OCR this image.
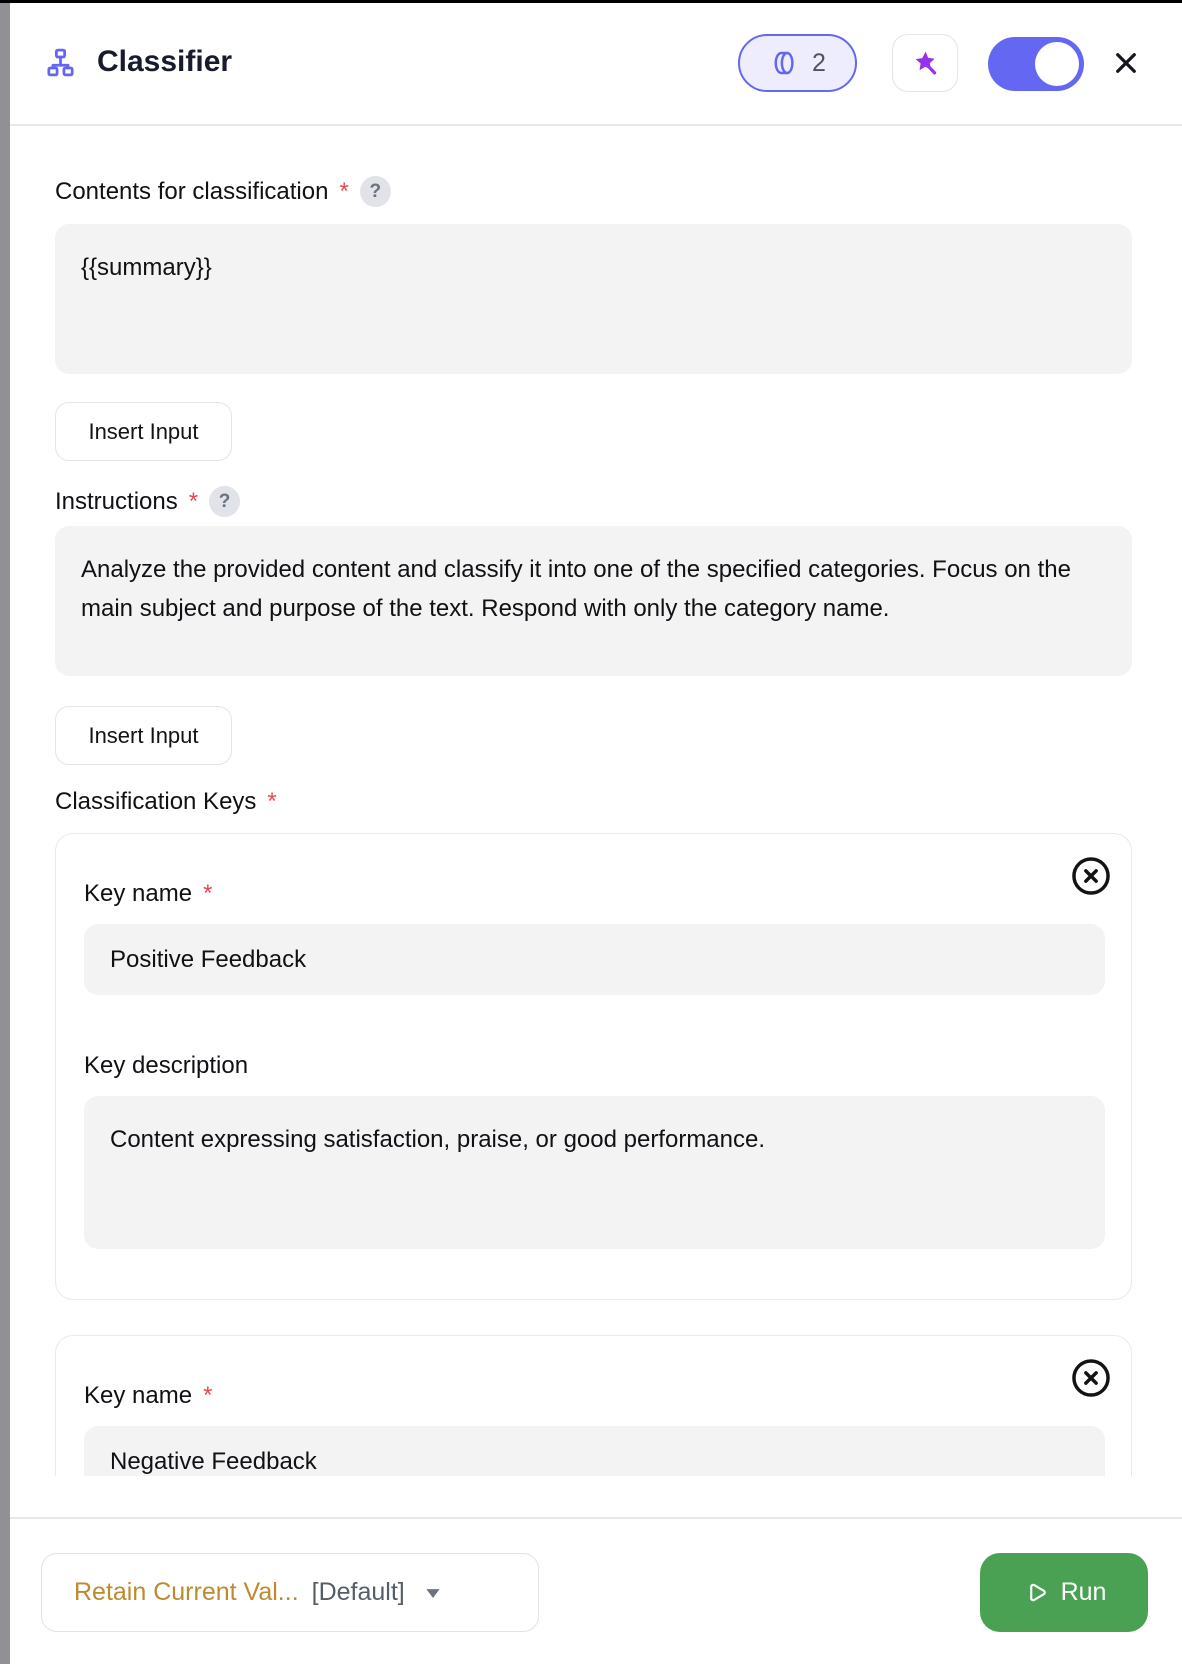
Classifier	2
Contents for classification *	?
{{summary}}
Insert Input
Instructions *	?
Analyze the provided content and classify it into one of the specified categories. Focus on the main subject and purpose of the text. Respond with only the category name.
Insert Input
Classification Keys *
Key name *
Positive Feedback
Key description
Content expressing satisfaction, praise, or good performance.
Key name *
Negative Feedback
Retain Current Val... [Default]	Run
